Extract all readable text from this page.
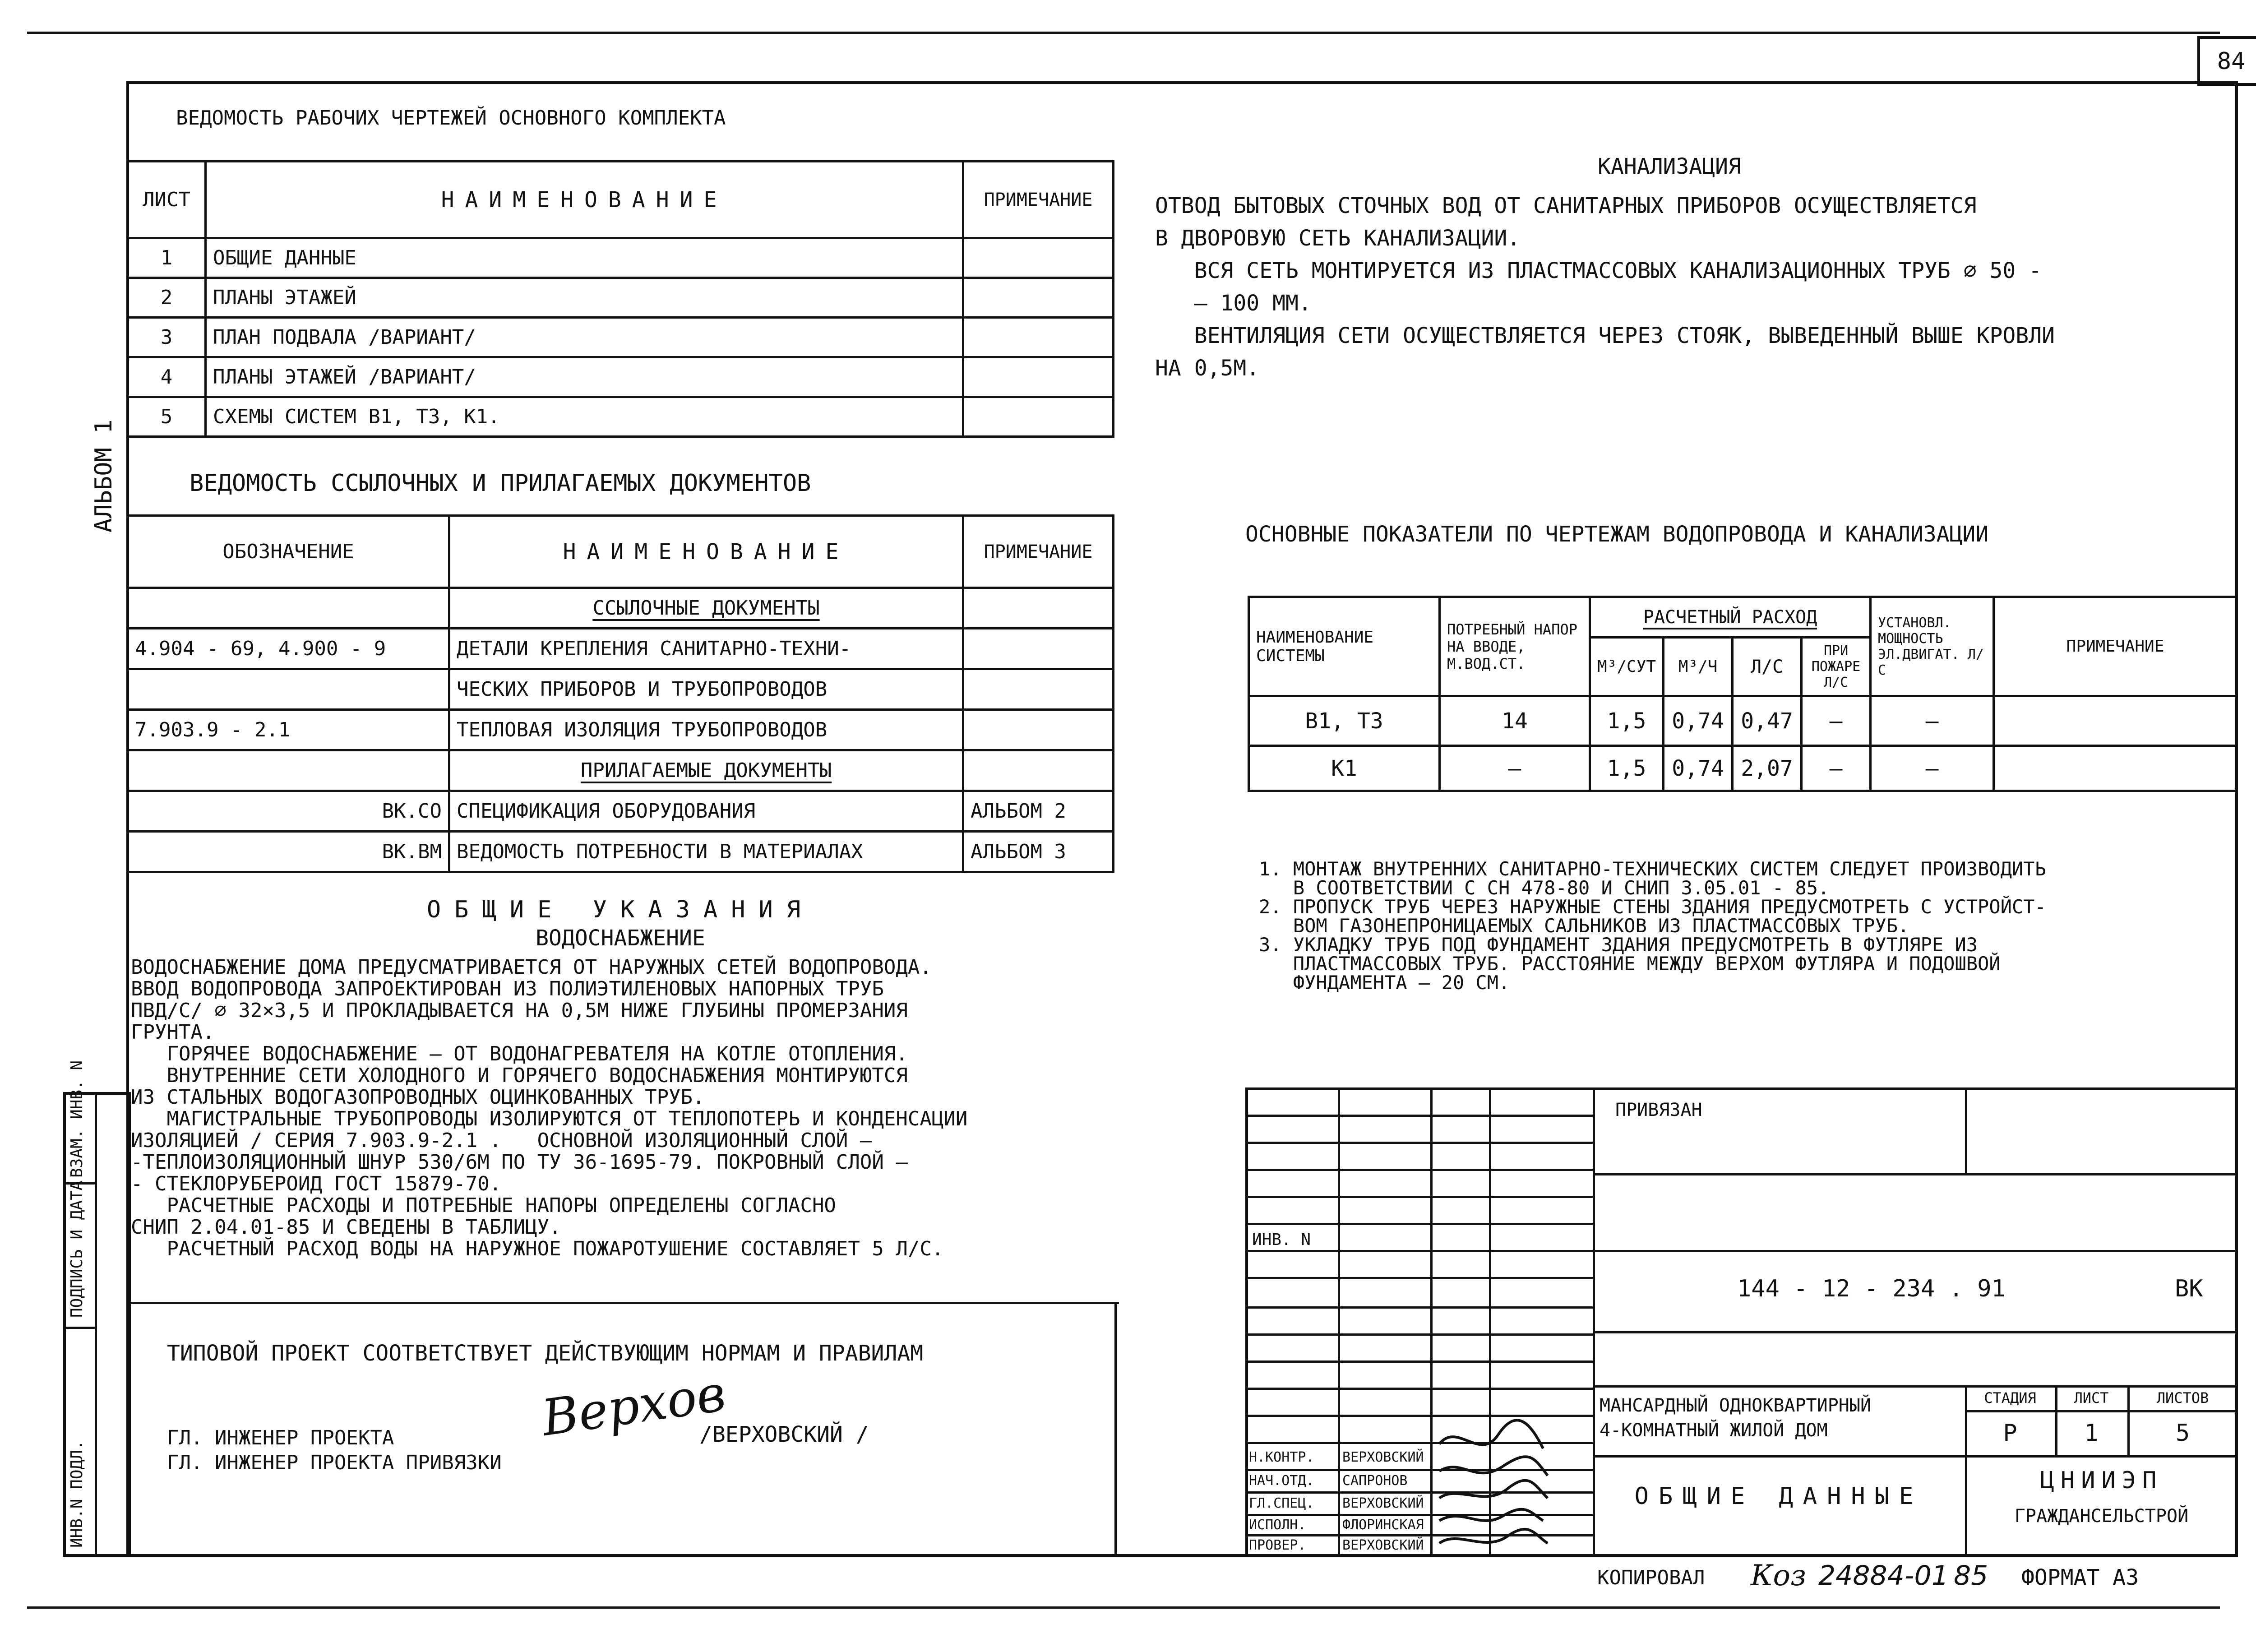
84
АЛЬБОМ 1
ВЕДОМОСТЬ РАБОЧИХ ЧЕРТЕЖЕЙ ОСНОВНОГО КОМПЛЕКТА
ЛИСТ	НАИМЕНОВАНИЕ	ПРИМЕЧАНИЕ
1	ОБЩИЕ ДАННЫЕ	
2	ПЛАНЫ ЭТАЖЕЙ	
3	ПЛАН ПОДВАЛА /ВАРИАНТ/	
4	ПЛАНЫ ЭТАЖЕЙ /ВАРИАНТ/	
5	СХЕМЫ СИСТЕМ В1, Т3, К1.	
ВЕДОМОСТЬ ССЫЛОЧНЫХ И ПРИЛАГАЕМЫХ ДОКУМЕНТОВ
ОБОЗНАЧЕНИЕ	НАИМЕНОВАНИЕ	ПРИМЕЧАНИЕ
	ССЫЛОЧНЫЕ ДОКУМЕНТЫ	
4.904 - 69, 4.900 - 9	ДЕТАЛИ КРЕПЛЕНИЯ САНИТАРНО-ТЕХНИ-	
	ЧЕСКИХ ПРИБОРОВ И ТРУБОПРОВОДОВ	
7.903.9 - 2.1	ТЕПЛОВАЯ ИЗОЛЯЦИЯ ТРУБОПРОВОДОВ	
	ПРИЛАГАЕМЫЕ ДОКУМЕНТЫ	
ВК.СО	СПЕЦИФИКАЦИЯ ОБОРУДОВАНИЯ	АЛЬБОМ 2
ВК.ВМ	ВЕДОМОСТЬ ПОТРЕБНОСТИ В МАТЕРИАЛАХ	АЛЬБОМ 3
ОБЩИЕ УКАЗАНИЯ
ВОДОСНАБЖЕНИЕ
ВОДОСНАБЖЕНИЕ ДОМА ПРЕДУСМАТРИВАЕТСЯ ОТ НАРУЖНЫХ СЕТЕЙ ВОДОПРОВОДА.
ВВОД ВОДОПРОВОДА ЗАПРОЕКТИРОВАН ИЗ ПОЛИЭТИЛЕНОВЫХ НАПОРНЫХ ТРУБ
ПВД/С/ ⌀ 32×3,5 И ПРОКЛАДЫВАЕТСЯ НА 0,5М НИЖЕ ГЛУБИНЫ ПРОМЕРЗАНИЯ
ГРУНТА.
ГОРЯЧЕЕ ВОДОСНАБЖЕНИЕ – ОТ ВОДОНАГРЕВАТЕЛЯ НА КОТЛЕ ОТОПЛЕНИЯ.
ВНУТРЕННИЕ СЕТИ ХОЛОДНОГО И ГОРЯЧЕГО ВОДОСНАБЖЕНИЯ МОНТИРУЮТСЯ
ИЗ СТАЛЬНЫХ ВОДОГАЗОПРОВОДНЫХ ОЦИНКОВАННЫХ ТРУБ.
МАГИСТРАЛЬНЫЕ ТРУБОПРОВОДЫ ИЗОЛИРУЮТСЯ ОТ ТЕПЛОПОТЕРЬ И КОНДЕНСАЦИИ
ИЗОЛЯЦИЕЙ / СЕРИЯ 7.903.9-2.1 .   ОСНОВНОЙ ИЗОЛЯЦИОННЫЙ СЛОЙ –
-ТЕПЛОИЗОЛЯЦИОННЫЙ ШНУР 530/6М ПО ТУ 36-1695-79. ПОКРОВНЫЙ СЛОЙ –
- СТЕКЛОРУБЕРОИД ГОСТ 15879-70.
РАСЧЕТНЫЕ РАСХОДЫ И ПОТРЕБНЫЕ НАПОРЫ ОПРЕДЕЛЕНЫ СОГЛАСНО
СНИП 2.04.01-85 И СВЕДЕНЫ В ТАБЛИЦУ.
РАСЧЕТНЫЙ РАСХОД ВОДЫ НА НАРУЖНОЕ ПОЖАРОТУШЕНИЕ СОСТАВЛЯЕТ 5 Л/С.
ТИПОВОЙ ПРОЕКТ СООТВЕТСТВУЕТ ДЕЙСТВУЮЩИМ НОРМАМ И ПРАВИЛАМ
ГЛ. ИНЖЕНЕР ПРОЕКТА
ГЛ. ИНЖЕНЕР ПРОЕКТА ПРИВЯЗКИ
/ВЕРХОВСКИЙ /
Верхов
ИНВ.N ПОДЛ.
ПОДПИСЬ И ДАТА
ВЗАМ. ИНВ. N
КАНАЛИЗАЦИЯ
ОТВОД БЫТОВЫХ СТОЧНЫХ ВОД ОТ САНИТАРНЫХ ПРИБОРОВ ОСУЩЕСТВЛЯЕТСЯ
В ДВОРОВУЮ СЕТЬ КАНАЛИЗАЦИИ.
ВСЯ СЕТЬ МОНТИРУЕТСЯ ИЗ ПЛАСТМАССОВЫХ КАНАЛИЗАЦИОННЫХ ТРУБ ⌀ 50 -
– 100 ММ.
ВЕНТИЛЯЦИЯ СЕТИ ОСУЩЕСТВЛЯЕТСЯ ЧЕРЕЗ СТОЯК, ВЫВЕДЕННЫЙ ВЫШЕ КРОВЛИ
НА 0,5М.
ОСНОВНЫЕ ПОКАЗАТЕЛИ ПО ЧЕРТЕЖАМ ВОДОПРОВОДА И КАНАЛИЗАЦИИ
НАИМЕНОВАНИЕ СИСТЕМЫ	ПОТРЕБНЫЙ НАПОР НА ВВОДЕ, М.ВОД.СТ.	РАСЧЕТНЫЙ РАСХОД				УСТАНОВЛ. МОЩНОСТЬ ЭЛ.ДВИГАТ. Л/С	ПРИМЕЧАНИЕ
		М³/СУТ	М³/Ч	Л/С	ПРИ ПОЖАРЕ Л/С		
В1, Т3	14	1,5	0,74	0,47	—	—	
К1	—	1,5	0,74	2,07	—	—	
1. МОНТАЖ ВНУТРЕННИХ САНИТАРНО-ТЕХНИЧЕСКИХ СИСТЕМ СЛЕДУЕТ ПРОИЗВОДИТЬ
В СООТВЕТСТВИИ С СН 478-80 И СНИП 3.05.01 - 85.
2. ПРОПУСК ТРУБ ЧЕРЕЗ НАРУЖНЫЕ СТЕНЫ ЗДАНИЯ ПРЕДУСМОТРЕТЬ С УСТРОЙСТ-
ВОМ ГАЗОНЕПРОНИЦАЕМЫХ САЛЬНИКОВ ИЗ ПЛАСТМАССОВЫХ ТРУБ.
3. УКЛАДКУ ТРУБ ПОД ФУНДАМЕНТ ЗДАНИЯ ПРЕДУСМОТРЕТЬ В ФУТЛЯРЕ ИЗ
ПЛАСТМАССОВЫХ ТРУБ. РАССТОЯНИЕ МЕЖДУ ВЕРХОМ ФУТЛЯРА И ПОДОШВОЙ
ФУНДАМЕНТА – 20 СМ.
ИНВ. N
Н.КОНТР. ВЕРХОВСКИЙ
НАЧ.ОТД. САПРОНОВ
ГЛ.СПЕЦ. ВЕРХОВСКИЙ
ИСПОЛН.	ФЛОРИНСКАЯ
ПРОВЕР.	ВЕРХОВСКИЙ
ПРИВЯЗАН
144 - 12 - 234 . 91	ВК
МАНСАРДНЫЙ ОДНОКВАРТИРНЫЙ
4-КОМНАТНЫЙ ЖИЛОЙ ДОМ
СТАДИЯ	ЛИСТ	ЛИСТОВ
Р	1	5
ОБЩИЕ ДАННЫЕ
ЦНИИЭП
ГРАЖДАНСЕЛЬСТРОЙ
КОПИРОВАЛ Коз 24884-01 85 ФОРМАТ А3
